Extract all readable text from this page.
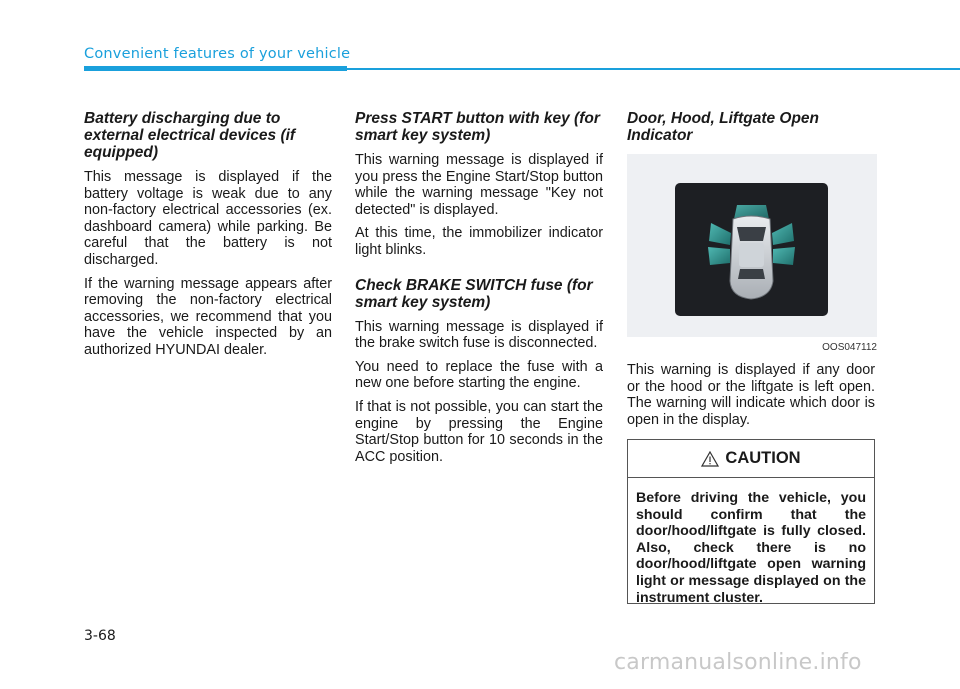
Convenient features of your vehicle
Battery discharging due to external electrical devices (if equipped)

This message is displayed if the battery voltage is weak due to any non-factory electrical accessories (ex. dashboard camera) while parking. Be careful that the battery is not discharged.

If the warning message appears after removing the non-factory electrical accessories, we recommend that you have the vehicle inspected by an authorized HYUNDAI dealer.

Press START button with key (for smart key system)

This warning message is displayed if you press the Engine Start/Stop button while the warning message "Key not detected" is displayed.

At this time, the immobilizer indicator light blinks.

Check BRAKE SWITCH fuse (for smart key system)

This warning message is displayed if the brake switch fuse is disconnected.

You need to replace the fuse with a new one before starting the engine.

If that is not possible, you can start the engine by pressing the Engine Start/Stop button for 10 seconds in the ACC position.

Door, Hood, Liftgate Open Indicator
OOS047112

This warning is displayed if any door or the hood or the liftgate is left open. The warning will indicate which door is open in the display.

CAUTION
Before driving the vehicle, you should confirm that the door/hood/liftgate is fully closed. Also, check there is no door/hood/liftgate open warning light or message displayed on the instrument cluster.
3-68
carmanualsonline.info
